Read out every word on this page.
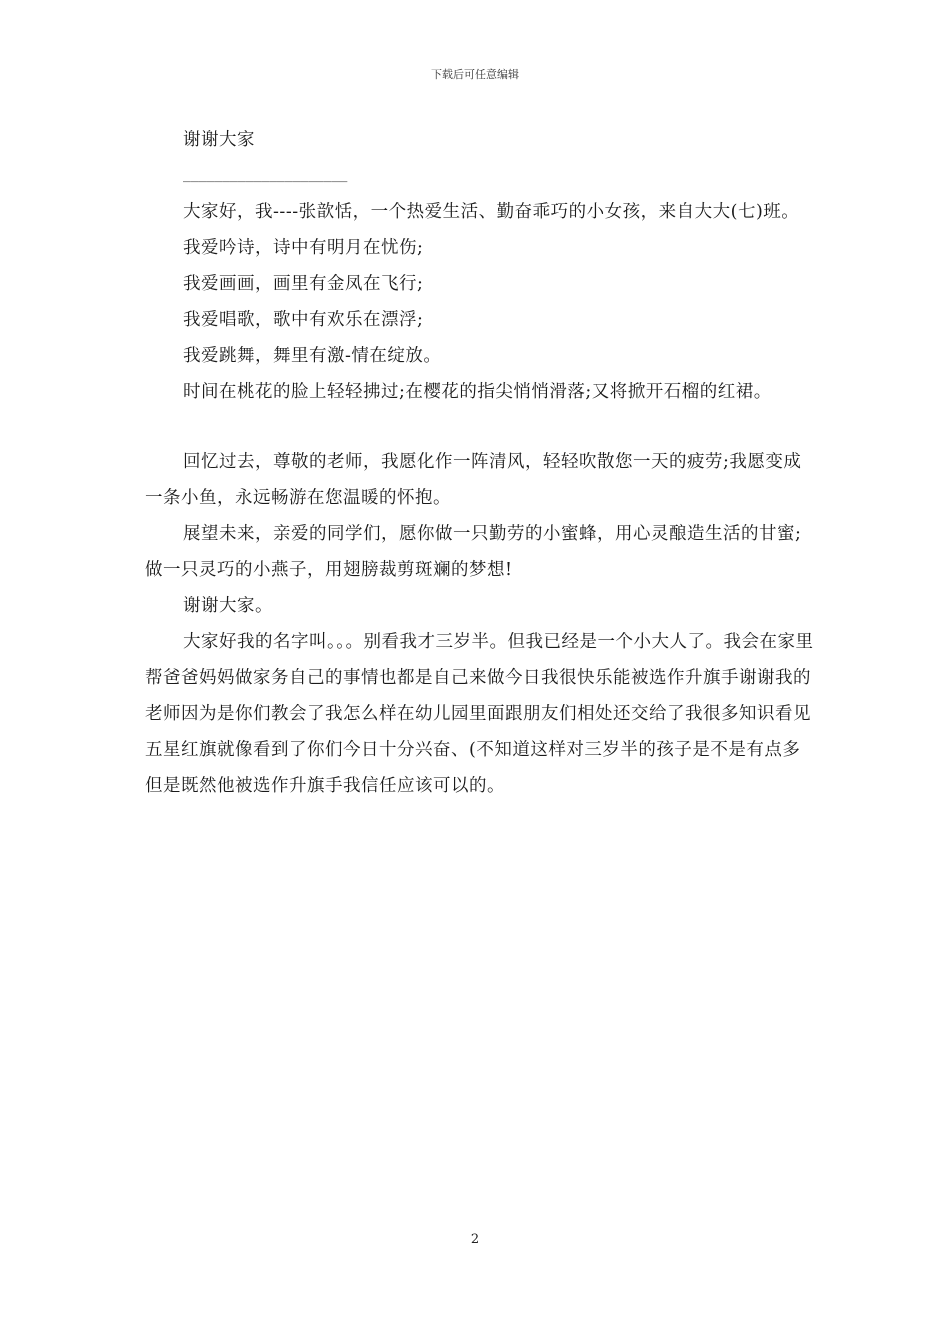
下载后可任意编辑

谢谢大家

_____________________

大家好，我----张歆恬，一个热爱生活、勤奋乖巧的小女孩，来自大大(七)班。

我爱吟诗，诗中有明月在忧伤;

我爱画画，画里有金凤在飞行;

我爱唱歌，歌中有欢乐在漂浮;

我爱跳舞，舞里有激-情在绽放。

时间在桃花的脸上轻轻拂过;在樱花的指尖悄悄滑落;又将掀开石榴的红裙。

回忆过去，尊敬的老师，我愿化作一阵清风，轻轻吹散您一天的疲劳;我愿变成一条小鱼，永远畅游在您温暖的怀抱。

展望未来，亲爱的同学们，愿你做一只勤劳的小蜜蜂，用心灵酿造生活的甘蜜;做一只灵巧的小燕子，用翅膀裁剪斑斓的梦想!

谢谢大家。

大家好我的名字叫。。。别看我才三岁半。但我已经是一个小大人了。我会在家里帮爸爸妈妈做家务自己的事情也都是自己来做今日我很快乐能被选作升旗手谢谢我的老师因为是你们教会了我怎么样在幼儿园里面跟朋友们相处还交给了我很多知识看见五星红旗就像看到了你们今日十分兴奋、(不知道这样对三岁半的孩子是不是有点多但是既然他被选作升旗手我信任应该可以的。

2
